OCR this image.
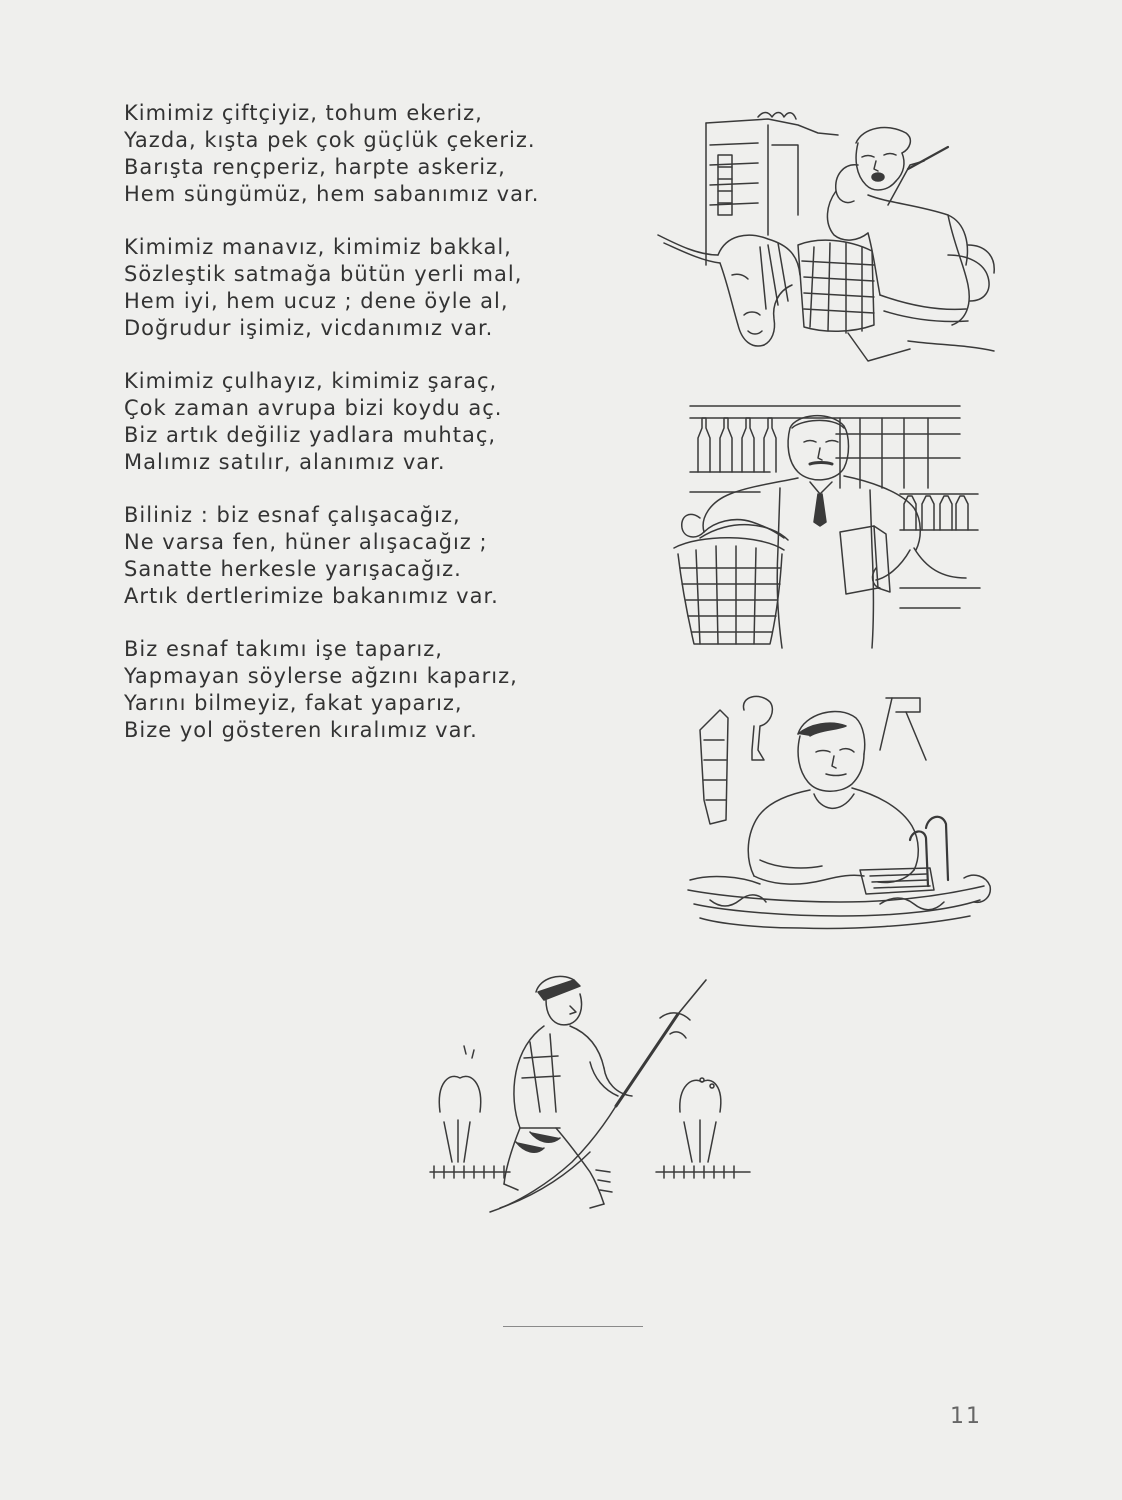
Kimimiz çiftçiyiz, tohum ekeriz,
Yazda, kışta pek çok güçlük çekeriz.
Barışta rençperiz, harpte askeriz,
Hem süngümüz, hem sabanımız var.
Kimimiz manavız, kimimiz bakkal,
Sözleştik satmağa bütün yerli mal,
Hem iyi, hem ucuz ; dene öyle al,
Doğrudur işimiz, vicdanımız var.
Kimimiz çulhayız, kimimiz şaraç,
Çok zaman avrupa bizi koydu aç.
Biz artık değiliz yadlara muhtaç,
Malımız satılır, alanımız var.
Biliniz : biz esnaf çalışacağız,
Ne varsa fen, hüner alışacağız ;
Sanatte herkesle yarışacağız.
Artık dertlerimize bakanımız var.
Biz esnaf takımı işe taparız,
Yapmayan söylerse ağzını kaparız,
Yarını bilmeyiz, fakat yaparız,
Bize yol gösteren kıralımız var.
11
